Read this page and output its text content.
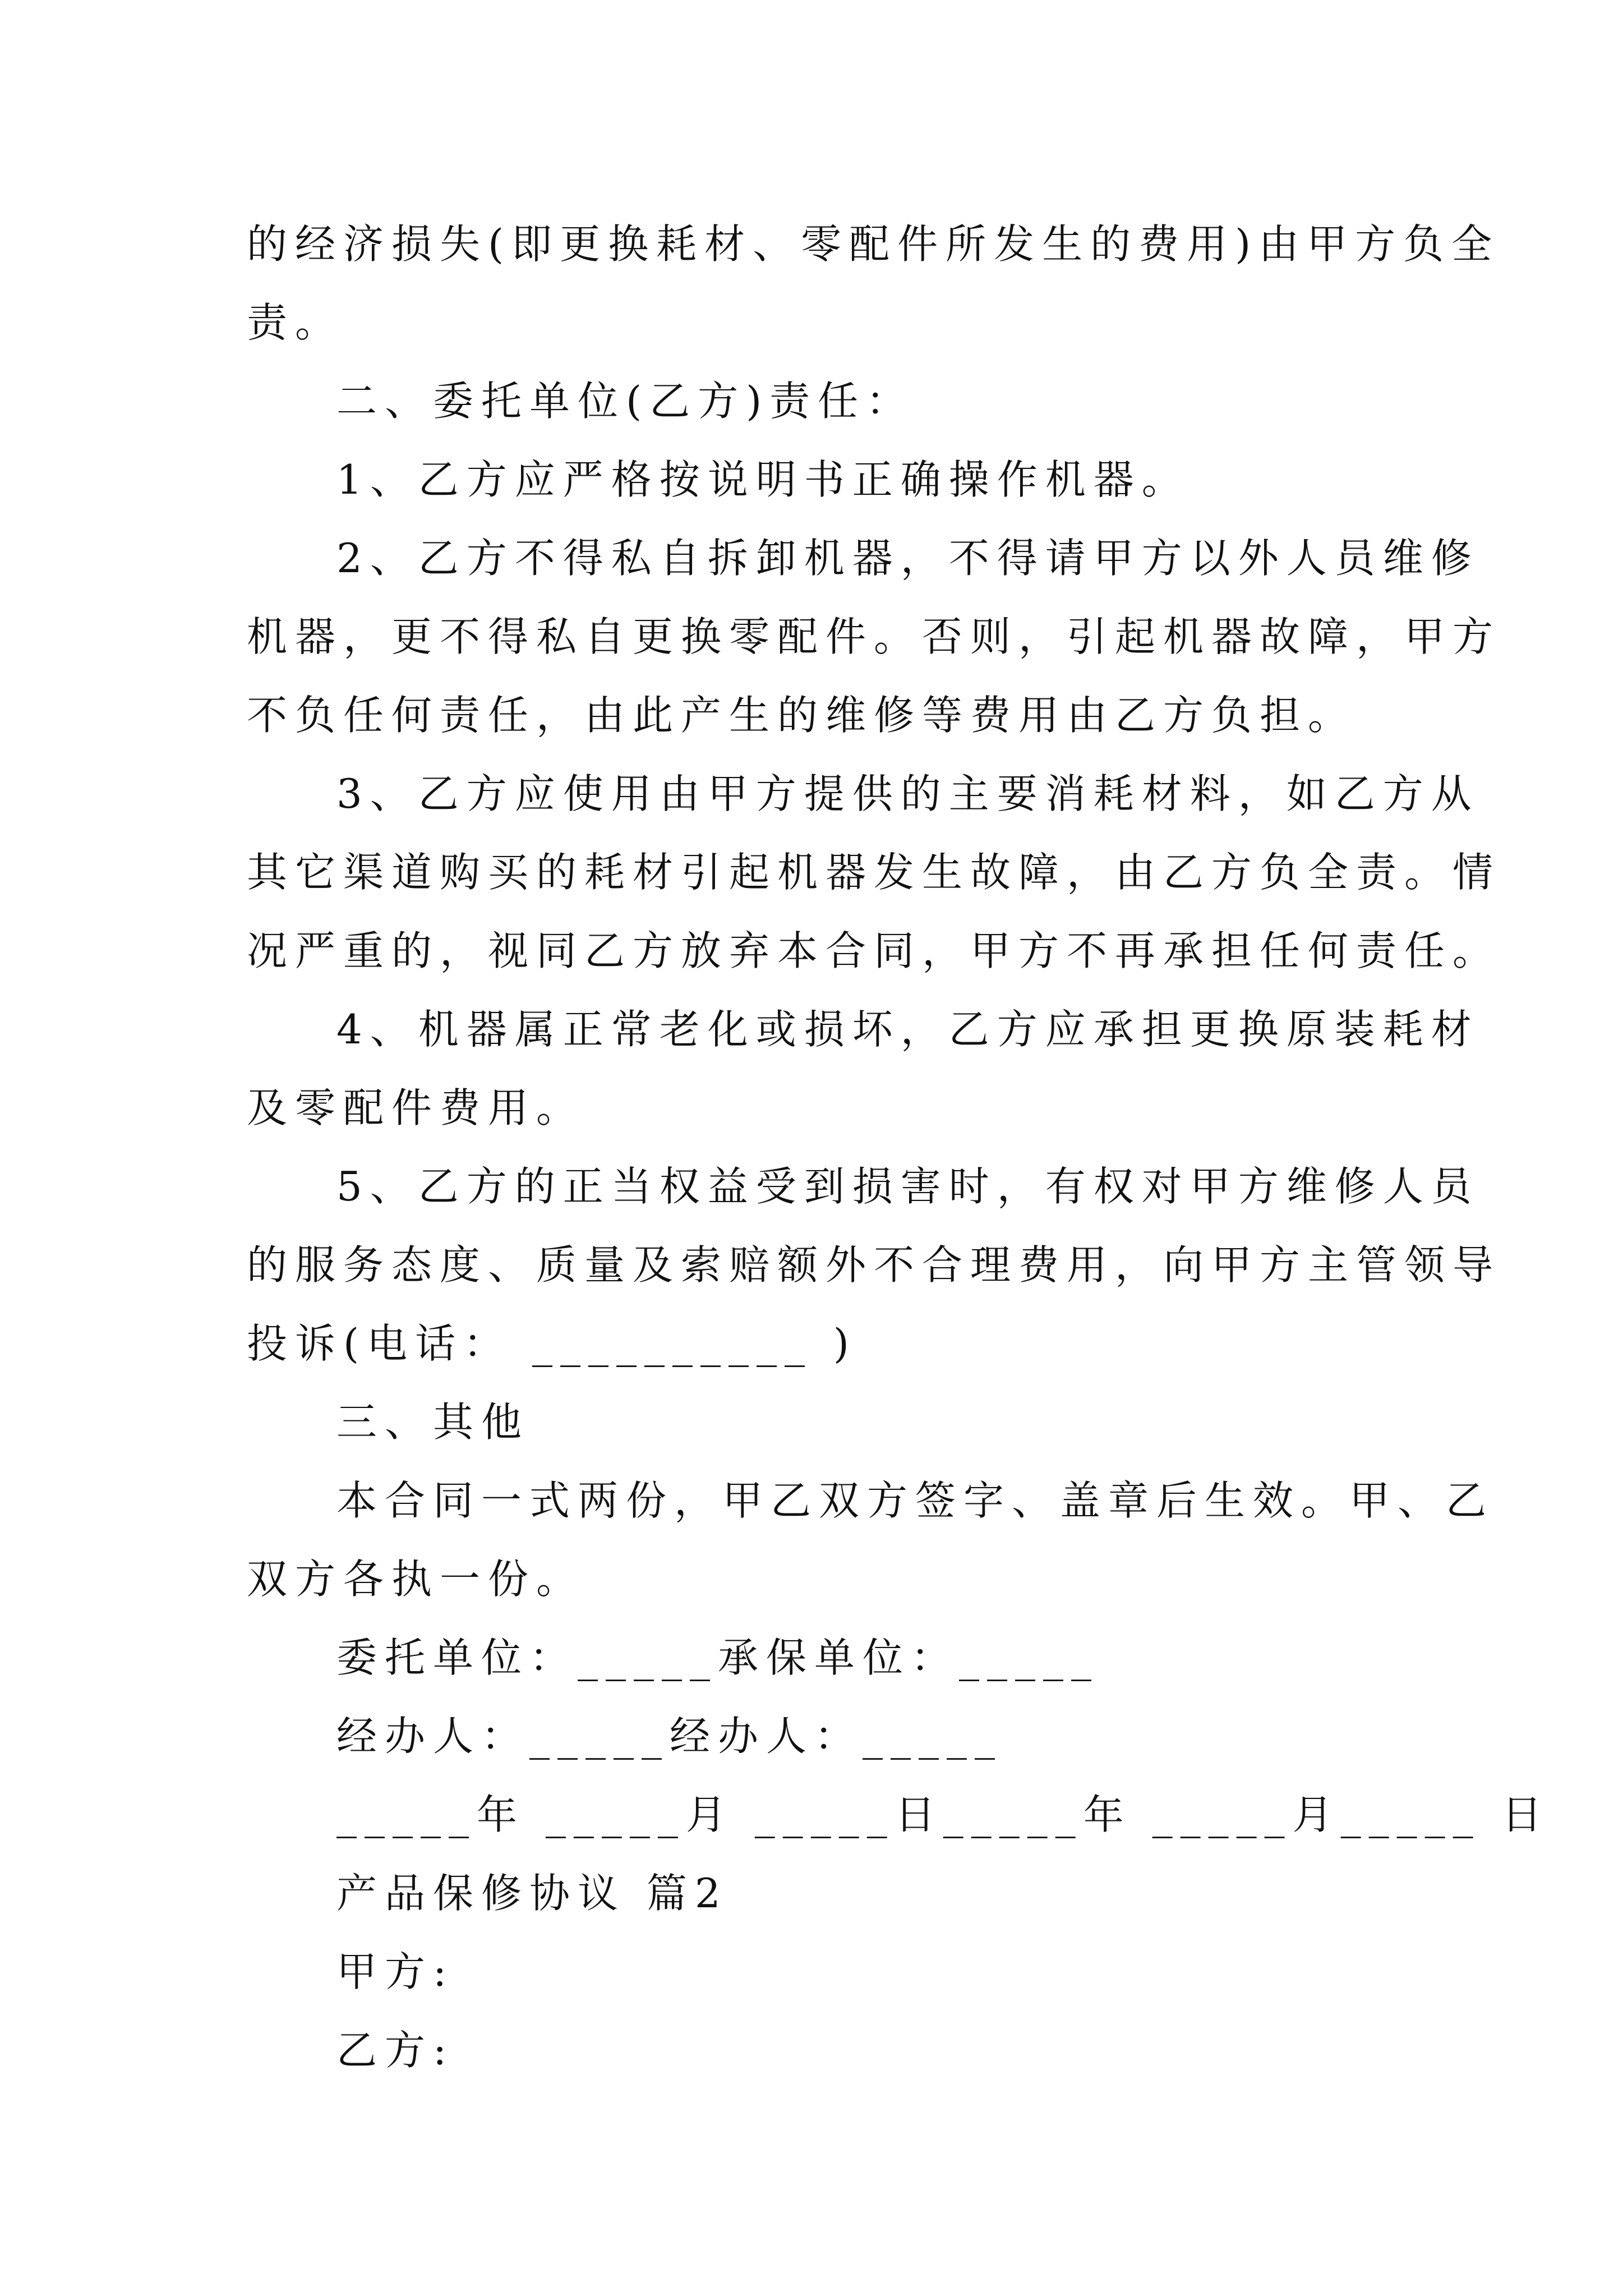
的经济损失(即更换耗材、零配件所发生的费用)由甲方负全
责。
二、委托单位(乙方)责任：
1、乙方应严格按说明书正确操作机器。
2、乙方不得私自拆卸机器，不得请甲方以外人员维修
机器，更不得私自更换零配件。否则，引起机器故障，甲方
不负任何责任，由此产生的维修等费用由乙方负担。
3、乙方应使用由甲方提供的主要消耗材料，如乙方从
其它渠道购买的耗材引起机器发生故障，由乙方负全责。情
况严重的，视同乙方放弃本合同，甲方不再承担任何责任。
4、机器属正常老化或损坏，乙方应承担更换原装耗材
及零配件费用。
5、乙方的正当权益受到损害时，有权对甲方维修人员
的服务态度、质量及索赔额外不合理费用，向甲方主管领导
投诉(电话： __________ )
三、其他
本合同一式两份，甲乙双方签字、盖章后生效。甲、乙
双方各执一份。
委托单位：_____承保单位：_____
经办人：_____经办人：_____
_____年 _____月 _____日_____年 _____月_____ 日
产品保修协议 篇2
甲方:
乙方:
